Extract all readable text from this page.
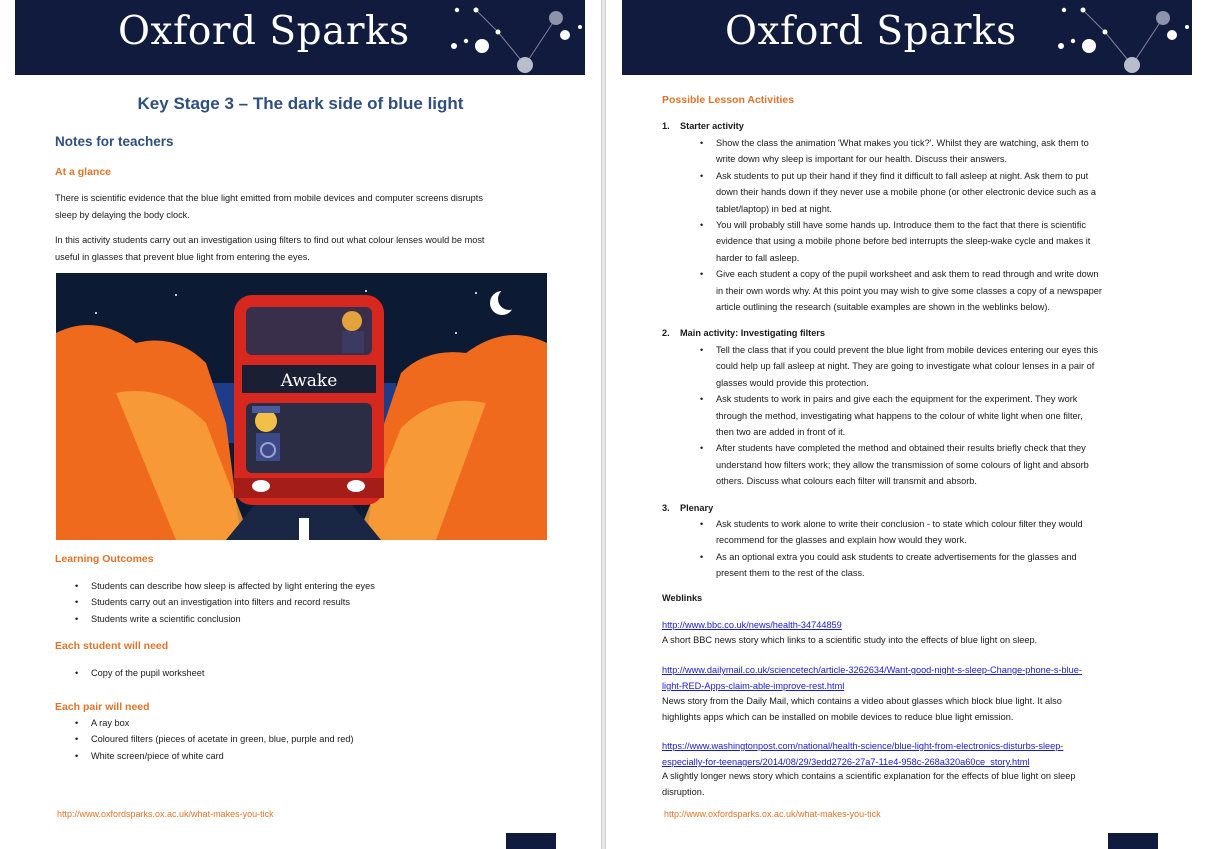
Oxford Sparks
Key Stage 3 – The dark side of blue light
Notes for teachers
At a glance
There is scientific evidence that the blue light emitted from mobile devices and computer screens disrupts
sleep by delaying the body clock.
In this activity students carry out an investigation using filters to find out what colour lenses would be most
useful in glasses that prevent blue light from entering the eyes.
Awake
Learning Outcomes
• Students can describe how sleep is affected by light entering the eyes
• Students carry out an investigation into filters and record results
• Students write a scientific conclusion
Each student will need
• Copy of the pupil worksheet
Each pair will need
• A ray box
• Coloured filters (pieces of acetate in green, blue, purple and red)
• White screen/piece of white card
http://www.oxfordsparks.ox.ac.uk/what-makes-you-tick
Oxford Sparks
Possible Lesson Activities
1. Starter activity
• Show the class the animation 'What makes you tick?'. Whilst they are watching, ask them to
write down why sleep is important for our health. Discuss their answers.
• Ask students to put up their hand if they find it difficult to fall asleep at night. Ask them to put
down their hands down if they never use a mobile phone (or other electronic device such as a
tablet/laptop) in bed at night.
• You will probably still have some hands up. Introduce them to the fact that there is scientific
evidence that using a mobile phone before bed interrupts the sleep-wake cycle and makes it
harder to fall asleep.
• Give each student a copy of the pupil worksheet and ask them to read through and write down
in their own words why. At this point you may wish to give some classes a copy of a newspaper
article outlining the research (suitable examples are shown in the weblinks below).
2. Main activity: Investigating filters
• Tell the class that if you could prevent the blue light from mobile devices entering our eyes this
could help up fall asleep at night. They are going to investigate what colour lenses in a pair of
glasses would provide this protection.
• Ask students to work in pairs and give each the equipment for the experiment. They work
through the method, investigating what happens to the colour of white light when one filter,
then two are added in front of it.
• After students have completed the method and obtained their results briefly check that they
understand how filters work; they allow the transmission of some colours of light and absorb
others. Discuss what colours each filter will transmit and absorb.
3. Plenary
• Ask students to work alone to write their conclusion - to state which colour filter they would
recommend for the glasses and explain how would they work.
• As an optional extra you could ask students to create advertisements for the glasses and
present them to the rest of the class.
Weblinks
http://www.bbc.co.uk/news/health-34744859
A short BBC news story which links to a scientific study into the effects of blue light on sleep.
http://www.dailymail.co.uk/sciencetech/article-3262634/Want-good-night-s-sleep-Change-phone-s-blue-
light-RED-Apps-claim-able-improve-rest.html
News story from the Daily Mail, which contains a video about glasses which block blue light. It also
highlights apps which can be installed on mobile devices to reduce blue light emission.
https://www.washingtonpost.com/national/health-science/blue-light-from-electronics-disturbs-sleep-
especially-for-teenagers/2014/08/29/3edd2726-27a7-11e4-958c-268a320a60ce_story.html
A slightly longer news story which contains a scientific explanation for the effects of blue light on sleep
disruption.
http://www.oxfordsparks.ox.ac.uk/what-makes-you-tick
